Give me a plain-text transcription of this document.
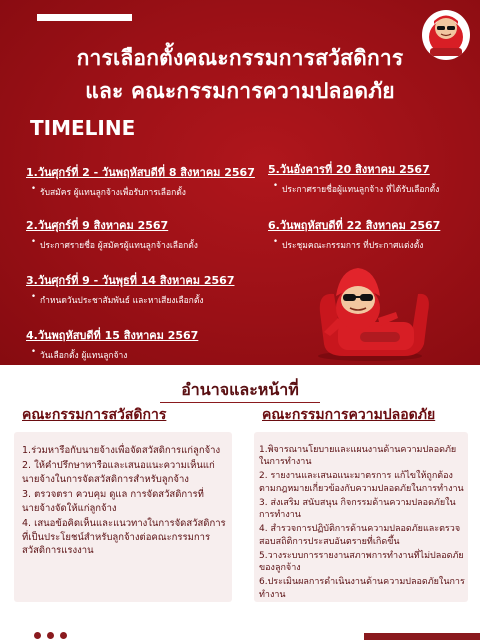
การเลือกตั้งคณะกรรมการสวัสดิการ
และ คณะกรรมการความปลอดภัย
TIMELINE
1.วันศุกร์ที่ 2 - วันพฤหัสบดีที่ 8 สิงหาคม 2567
• รับสมัคร ผู้แทนลูกจ้างเพื่อรับการเลือกตั้ง
2.วันศุกร์ที่ 9 สิงหาคม 2567
• ประกาศรายชื่อ ผู้สมัครผู้แทนลูกจ้างเลือกตั้ง
3.วันศุกร์ที่ 9 - วันพุธที่ 14 สิงหาคม 2567
• กำหนดวันประชาสัมพันธ์ และหาเสียงเลือกตั้ง
4.วันพฤหัสบดีที่ 15 สิงหาคม 2567
• วันเลือกตั้ง ผู้แทนลูกจ้าง
5.วันอังคารที่ 20 สิงหาคม 2567
• ประกาศรายชื่อผู้แทนลูกจ้าง ที่ได้รับเลือกตั้ง
6.วันพฤหัสบดีที่ 22 สิงหาคม 2567
• ประชุมคณะกรรมการ ที่ประกาศแต่งตั้ง
อำนาจและหน้าที่
คณะกรรมการสวัสดิการ	คณะกรรมการความปลอดภัย
1.ร่วมหารือกับนายจ้างเพื่อจัดสวัสดิการแก่ลูกจ้าง
2. ให้คำปรึกษาหารือและเสนอแนะความเห็นแก่นายจ้างในการจัดสวัสดิการสำหรับลูกจ้าง
3. ตรวจตรา ควบคุม ดูแล การจัดสวัสดิการที่นายจ้างจัดให้แก่ลูกจ้าง
4. เสนอข้อคิดเห็นและแนวทางในการจัดสวัสดิการที่เป็นประโยชน์สำหรับลูกจ้างต่อคณะกรรมการสวัสดิการแรงงาน
1.พิจารณานโยบายและแผนงานด้านความปลอดภัยในการทำงาน
2. รายงานและเสนอแนะมาตรการ แก้ไขให้ถูกต้องตามกฎหมายเกี่ยวข้องกับความปลอดภัยในการทำงาน
3. ส่งเสริม สนับสนุน กิจกรรมด้านความปลอดภัยในการทำงาน
4. สำรวจการปฏิบัติการด้านความปลอดภัยและตรวจสอบสถิติการประสบอันตรายที่เกิดขึ้น
5.วางระบบการรายงานสภาพการทำงานที่ไม่ปลอดภัยของลูกจ้าง
6.ประเมินผลการดำเนินงานด้านความปลอดภัยในการทำงาน
